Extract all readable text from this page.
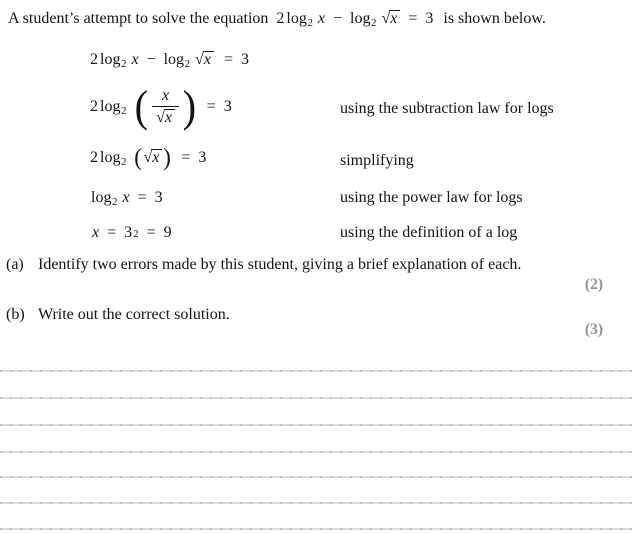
A student’s attempt to solve the equation 2 $\log_2 x - \log_2 √x = 3$ is shown below.
2 $\log_2 x - \log_2 √x = 3$
2 $\log_2$ ( $\frac{x}{√x}$ ) = 3
2 $\log_2$ ( √x ) = 3
$\log_2 x = 3$
x = 3 2 = 9
using the subtraction law for logs
simplifying
using the power law for logs
using the definition of a log
(a) Identify two errors made by this student, giving a brief explanation of each.
(2)
(b) Write out the correct solution.
(3)
